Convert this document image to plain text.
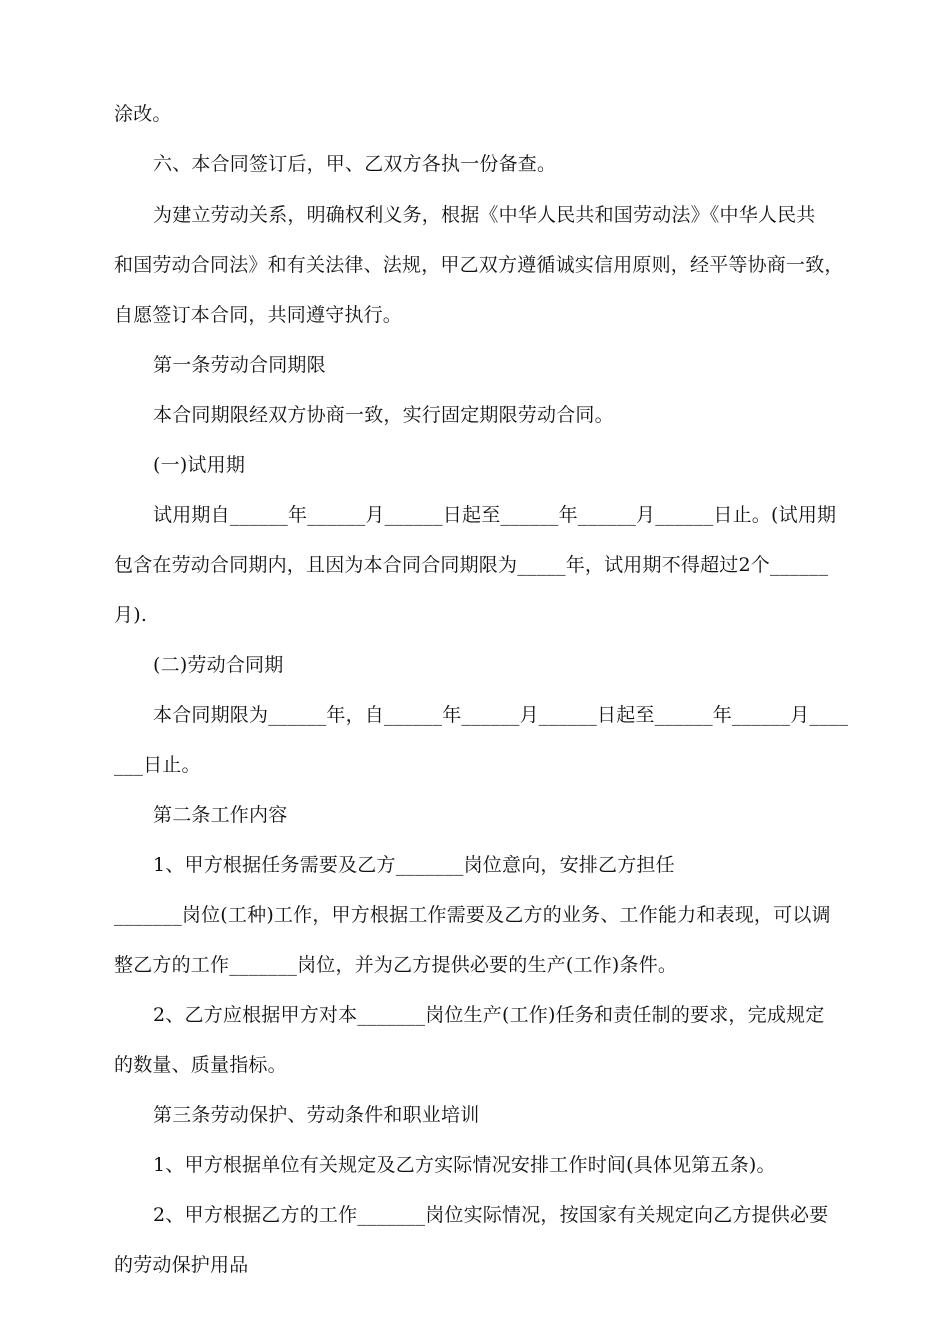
涂改。
六、本合同签订后，甲、乙双方各执一份备查。
为建立劳动关系，明确权利义务，根据《中华人民共和国劳动法》《中华人民共
和国劳动合同法》和有关法律、法规，甲乙双方遵循诚实信用原则，经平等协商一致，
自愿签订本合同，共同遵守执行。
第一条劳动合同期限
本合同期限经双方协商一致，实行固定期限劳动合同。
(一)试用期
试用期自______年______月______日起至______年______月______日止。(试用期
包含在劳动合同期内，且因为本合同合同期限为_____年，试用期不得超过2个______
月).
(二)劳动合同期
本合同期限为______年，自______年______月______日起至______年______月____
___日止。
第二条工作内容
1、甲方根据任务需要及乙方_______岗位意向，安排乙方担任
_______岗位(工种)工作，甲方根据工作需要及乙方的业务、工作能力和表现，可以调
整乙方的工作_______岗位，并为乙方提供必要的生产(工作)条件。
2、乙方应根据甲方对本_______岗位生产(工作)任务和责任制的要求，完成规定
的数量、质量指标。
第三条劳动保护、劳动条件和职业培训
1、甲方根据单位有关规定及乙方实际情况安排工作时间(具体见第五条)。
2、甲方根据乙方的工作_______岗位实际情况，按国家有关规定向乙方提供必要
的劳动保护用品
